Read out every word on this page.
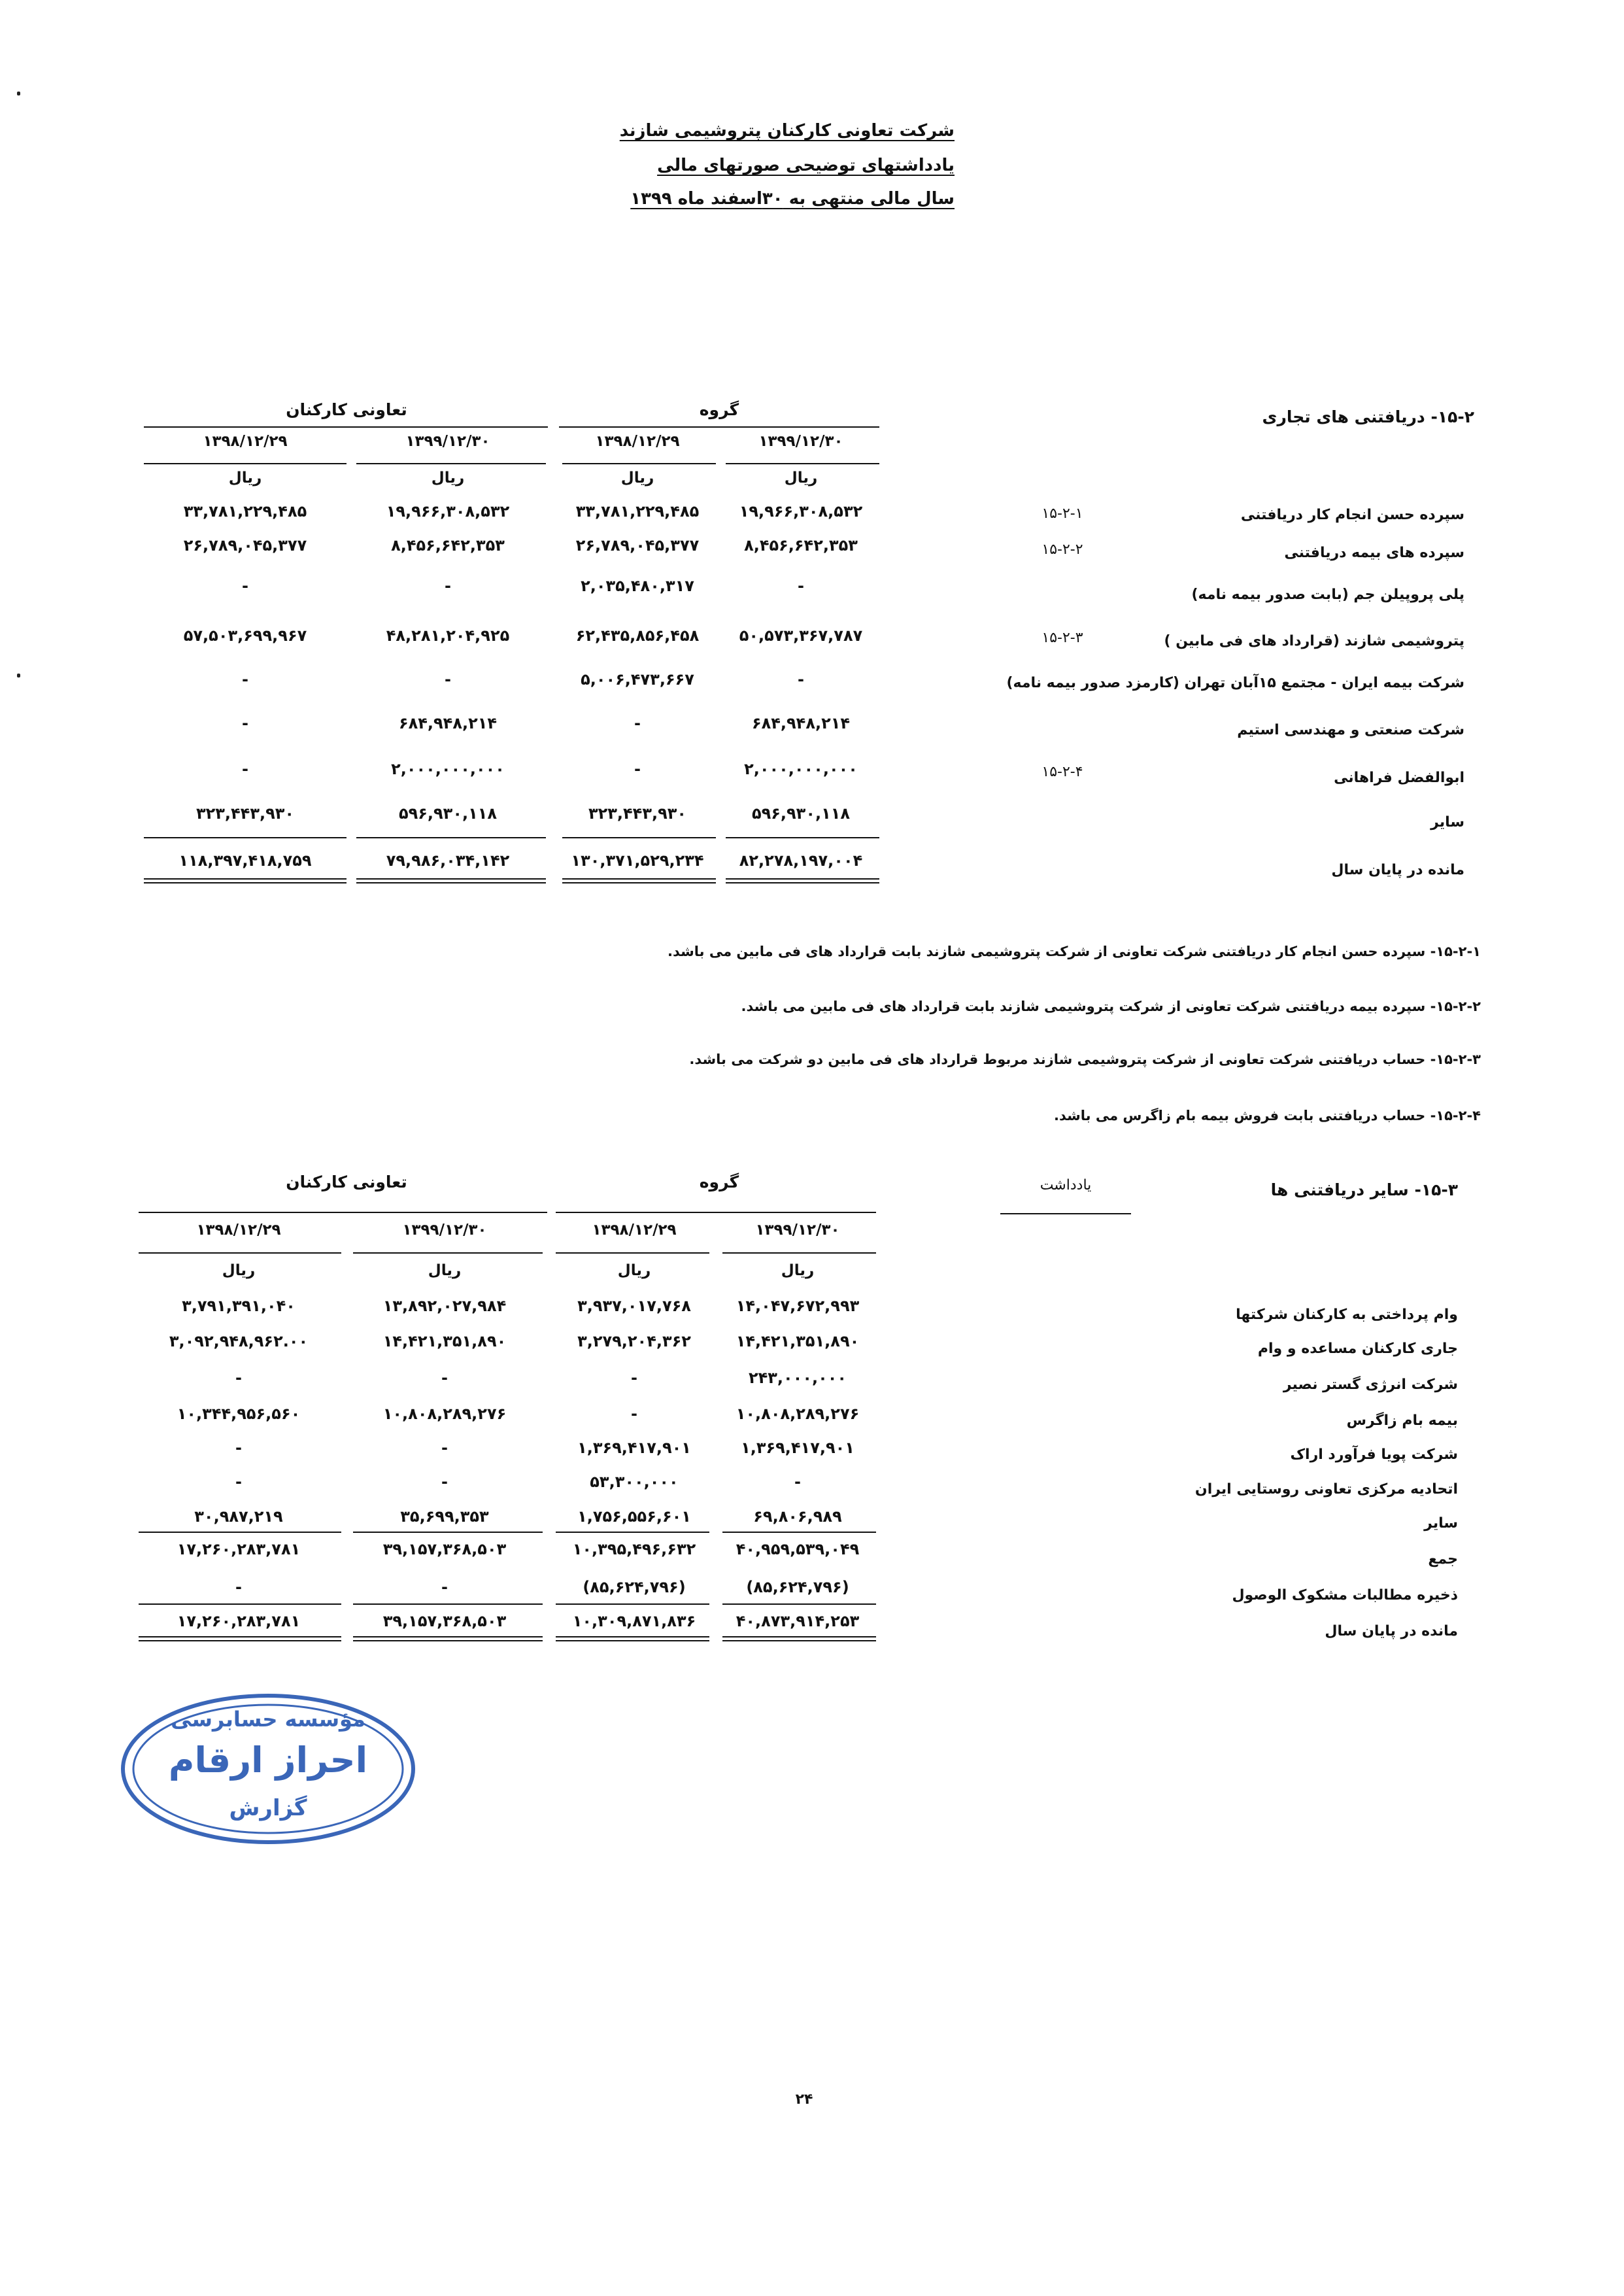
شرکت تعاونی کارکنان پتروشیمی شازند
یادداشتهای توضیحی صورتهای مالی
سال مالی منتهی به ۳۰اسفند ماه ۱۳۹۹
۱۵-۲- دریافتنی های تجاری
گروه
تعاونی کارکنان
۱۳۹۹/۱۲/۳۰
۱۳۹۸/۱۲/۲۹
۱۳۹۹/۱۲/۳۰
۱۳۹۸/۱۲/۲۹
ریال
ریال
ریال
ریال
سپرده حسن انجام کار دریافتنی
۱۵-۲-۱
۱۹,۹۶۶,۳۰۸,۵۳۲
۳۳,۷۸۱,۲۲۹,۴۸۵
۱۹,۹۶۶,۳۰۸,۵۳۲
۳۳,۷۸۱,۲۲۹,۴۸۵
سپرده های بیمه دریافتنی
۱۵-۲-۲
۸,۴۵۶,۶۴۲,۳۵۳
۲۶,۷۸۹,۰۴۵,۳۷۷
۸,۴۵۶,۶۴۲,۳۵۳
۲۶,۷۸۹,۰۴۵,۳۷۷
پلی پروپیلن جم (بابت صدور بیمه نامه)
-
۲,۰۳۵,۴۸۰,۳۱۷
-
-
پتروشیمی شازند (قرارداد های فی مابین )
۱۵-۲-۳
۵۰,۵۷۳,۳۶۷,۷۸۷
۶۲,۴۳۵,۸۵۶,۴۵۸
۴۸,۲۸۱,۲۰۴,۹۲۵
۵۷,۵۰۳,۶۹۹,۹۶۷
شرکت بیمه ایران - مجتمع ۱۵آبان تهران (کارمزد صدور بیمه نامه)
-
۵,۰۰۶,۴۷۳,۶۶۷
-
-
شرکت صنعتی و مهندسی استیم
۶۸۴,۹۴۸,۲۱۴
-
۶۸۴,۹۴۸,۲۱۴
-
ابوالفضل فراهانی
۱۵-۲-۴
۲,۰۰۰,۰۰۰,۰۰۰
-
۲,۰۰۰,۰۰۰,۰۰۰
-
سایر
۵۹۶,۹۳۰,۱۱۸
۳۲۳,۴۴۳,۹۳۰
۵۹۶,۹۳۰,۱۱۸
۳۲۳,۴۴۳,۹۳۰
مانده در پایان سال
۸۲,۲۷۸,۱۹۷,۰۰۴
۱۳۰,۳۷۱,۵۲۹,۲۳۴
۷۹,۹۸۶,۰۳۴,۱۴۲
۱۱۸,۳۹۷,۴۱۸,۷۵۹
۱۵-۲-۱- سپرده حسن انجام کار دریافتنی شرکت تعاونی از شرکت پتروشیمی شازند بابت قرارداد های فی مابین می باشد.
۱۵-۲-۲- سپرده بیمه دریافتنی شرکت تعاونی از شرکت پتروشیمی شازند بابت قرارداد های فی مابین می باشد.
۱۵-۲-۳- حساب دریافتنی شرکت تعاونی از شرکت پتروشیمی شازند مربوط قرارداد های فی مابین دو شرکت می باشد.
۱۵-۲-۴- حساب دریافتنی بابت فروش بیمه بام زاگرس می باشد.
۱۵-۳- سایر دریافتنی ها
یادداشت
گروه
تعاونی کارکنان
۱۳۹۹/۱۲/۳۰
۱۳۹۸/۱۲/۲۹
۱۳۹۹/۱۲/۳۰
۱۳۹۸/۱۲/۲۹
ریال
ریال
ریال
ریال
وام پرداختی به کارکنان شرکتها
۱۴,۰۴۷,۶۷۲,۹۹۳
۳,۹۳۷,۰۱۷,۷۶۸
۱۳,۸۹۲,۰۲۷,۹۸۴
۳,۷۹۱,۳۹۱,۰۴۰
جاری کارکنان مساعده و وام
۱۴,۴۲۱,۳۵۱,۸۹۰
۳,۲۷۹,۲۰۴,۳۶۲
۱۴,۴۲۱,۳۵۱,۸۹۰
۳,۰۹۲,۹۴۸,۹۶۲.۰۰
شرکت انرژی گستر نصیر
۲۴۳,۰۰۰,۰۰۰
-
-
-
بیمه بام زاگرس
۱۰,۸۰۸,۲۸۹,۲۷۶
-
۱۰,۸۰۸,۲۸۹,۲۷۶
۱۰,۳۴۴,۹۵۶,۵۶۰
شرکت پویا فرآورد اراک
۱,۳۶۹,۴۱۷,۹۰۱
۱,۳۶۹,۴۱۷,۹۰۱
-
-
اتحادیه مرکزی تعاونی روستایی ایران
-
۵۳,۳۰۰,۰۰۰
-
-
سایر
۶۹,۸۰۶,۹۸۹
۱,۷۵۶,۵۵۶,۶۰۱
۳۵,۶۹۹,۳۵۳
۳۰,۹۸۷,۲۱۹
جمع
۴۰,۹۵۹,۵۳۹,۰۴۹
۱۰,۳۹۵,۴۹۶,۶۳۲
۳۹,۱۵۷,۳۶۸,۵۰۳
۱۷,۲۶۰,۲۸۳,۷۸۱
ذخیره مطالبات مشکوک الوصول
(۸۵,۶۲۴,۷۹۶)
(۸۵,۶۲۴,۷۹۶)
-
-
مانده در پایان سال
۴۰,۸۷۳,۹۱۴,۲۵۳
۱۰,۳۰۹,۸۷۱,۸۳۶
۳۹,۱۵۷,۳۶۸,۵۰۳
۱۷,۲۶۰,۲۸۳,۷۸۱
مؤسسه حسابرسی
احراز ارقام
گزارش
۲۴
